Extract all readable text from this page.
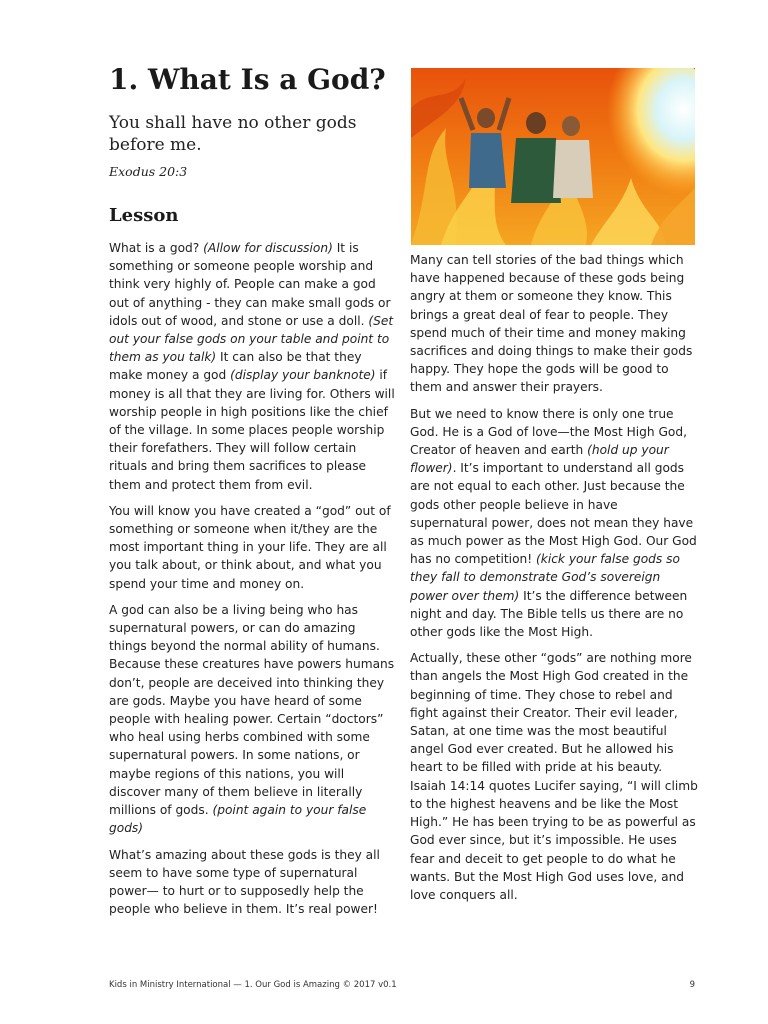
1. What Is a God?

You shall have no other gods before me.

Exodus 20:3

Lesson

What is a god? (Allow for discussion) It is something or someone people worship and think very highly of. People can make a god out of anything - they can make small gods or idols out of wood, and stone or use a doll. (Set out your false gods on your table and point to them as you talk) It can also be that they make money a god (display your banknote) if money is all that they are living for. Others will worship people in high positions like the chief of the village. In some places people worship their forefathers. They will follow certain rituals and bring them sacrifices to please them and protect them from evil.

You will know you have created a “god” out of something or someone when it/they are the most important thing in your life. They are all you talk about, or think about, and what you spend your time and money on.

A god can also be a living being who has supernatural powers, or can do amazing things beyond the normal ability of humans. Because these creatures have powers humans don’t, people are deceived into thinking they are gods. Maybe you have heard of some people with healing power. Certain “doctors” who heal using herbs combined with some supernatural powers. In some nations, or maybe regions of this nations, you will discover many of them believe in literally millions of gods. (point again to your false gods)

What’s amazing about these gods is they all seem to have some type of supernatural power— to hurt or to supposedly help the people who believe in them. It’s real power!

Many can tell stories of the bad things which have happened because of these gods being angry at them or someone they know. This brings a great deal of fear to people. They spend much of their time and money making sacrifices and doing things to make their gods happy. They hope the gods will be good to them and answer their prayers.

But we need to know there is only one true God. He is a God of love—the Most High God, Creator of heaven and earth (hold up your flower). It’s important to understand all gods are not equal to each other. Just because the gods other people believe in have supernatural power, does not mean they have as much power as the Most High God. Our God has no competition! (kick your false gods so they fall to demonstrate God’s sovereign power over them) It’s the difference between night and day. The Bible tells us there are no other gods like the Most High.

Actually, these other “gods” are nothing more than angels the Most High God created in the beginning of time. They chose to rebel and fight against their Creator. Their evil leader, Satan, at one time was the most beautiful angel God ever created. But he allowed his heart to be filled with pride at his beauty. Isaiah 14:14 quotes Lucifer saying, “I will climb to the highest heavens and be like the Most High.” He has been trying to be as powerful as God ever since, but it’s impossible. He uses fear and deceit to get people to do what he wants. But the Most High God uses love, and love conquers all.

Kids in Ministry International — 1. Our God is Amazing © 2017 v0.1	9
